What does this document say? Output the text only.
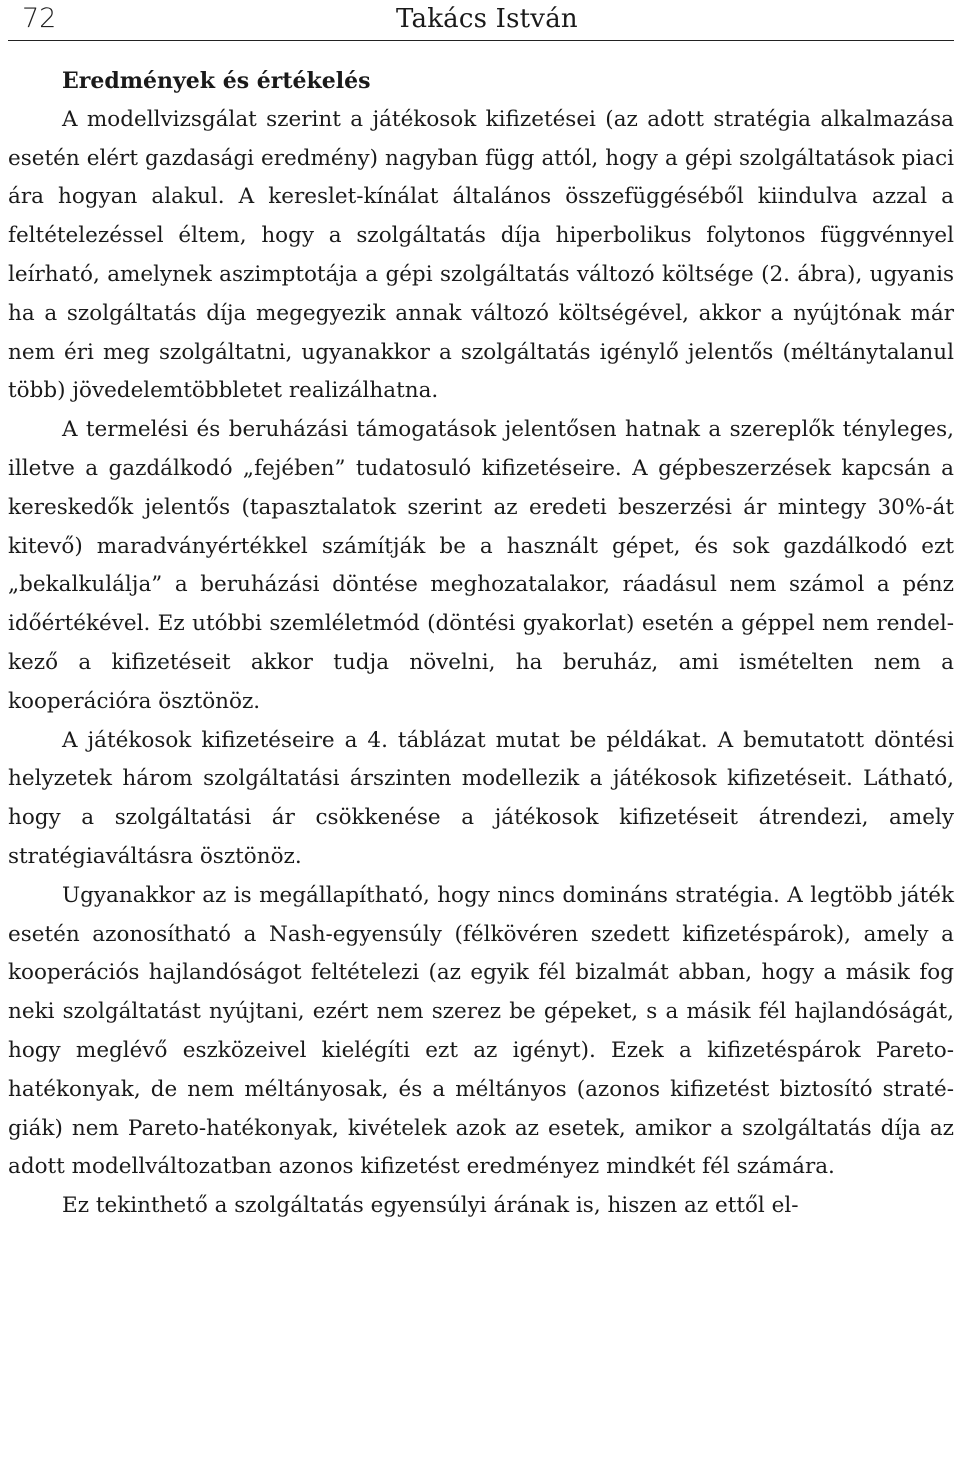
72	Takács István

Eredmények és értékelés

A modellvizsgálat szerint a játékosok kifizetései (az adott stratégia alkalmazása esetén elért gazdasági eredmény) nagyban függ attól, hogy a gépi szolgáltatások piaci ára hogyan alakul. A kereslet-kínálat általános összefüggéséből kiindulva azzal a feltételezéssel éltem, hogy a szolgáltatás díja hiperbolikus folytonos függvénnyel leírható, amelynek aszimptotája a gépi szolgáltatás változó költsége (2. ábra), ugyanis ha a szolgáltatás díja megegyezik annak változó költségével, akkor a nyújtónak már nem éri meg szolgáltatni, ugyanakkor a szolgáltatás igénylő jelentős (méltánytalanul több) jövedelemtöbbletet realizálhatna.

A termelési és beruházási támogatások jelentősen hatnak a szereplők tényleges, illetve a gazdálkodó „fejében” tudatosuló kifizetéseire. A gépbeszerzések kapcsán a kereskedők jelentős (tapasztalatok szerint az eredeti beszerzési ár mintegy 30%-át kitevő) maradványértékkel számítják be a használt gépet, és sok gazdálkodó ezt „bekalkulálja” a beruházási döntése meghozatalakor, ráadásul nem számol a pénz időértékével. Ez utóbbi szemléletmód (döntési gyakorlat) esetén a géppel nem rendelkező a kifizetéseit akkor tudja növelni, ha beruház, ami ismételten nem a kooperációra ösztönöz.

A játékosok kifizetéseire a 4. táblázat mutat be példákat. A bemutatott döntési helyzetek három szolgáltatási árszinten modellezik a játékosok kifizetéseit. Látható, hogy a szolgáltatási ár csökkenése a játékosok kifizetéseit átrendezi, amely stratégiaváltásra ösztönöz.

Ugyanakkor az is megállapítható, hogy nincs domináns stratégia. A legtöbb játék esetén azonosítható a Nash-egyensúly (félkövéren szedett kifizetéspárok), amely a kooperációs hajlandóságot feltételezi (az egyik fél bizalmát abban, hogy a másik fog neki szolgáltatást nyújtani, ezért nem szerez be gépeket, s a másik fél hajlandóságát, hogy meglévő eszközeivel kielégíti ezt az igényt). Ezek a kifizetéspárok Pareto-hatékonyak, de nem méltányosak, és a méltányos (azonos kifizetést biztosító stratégiák) nem Pareto-hatékonyak, kivételek azok az esetek, amikor a szolgáltatás díja az adott modellváltozatban azonos kifizetést eredményez mindkét fél számára.

Ez tekinthető a szolgáltatás egyensúlyi árának is, hiszen az ettől el-
